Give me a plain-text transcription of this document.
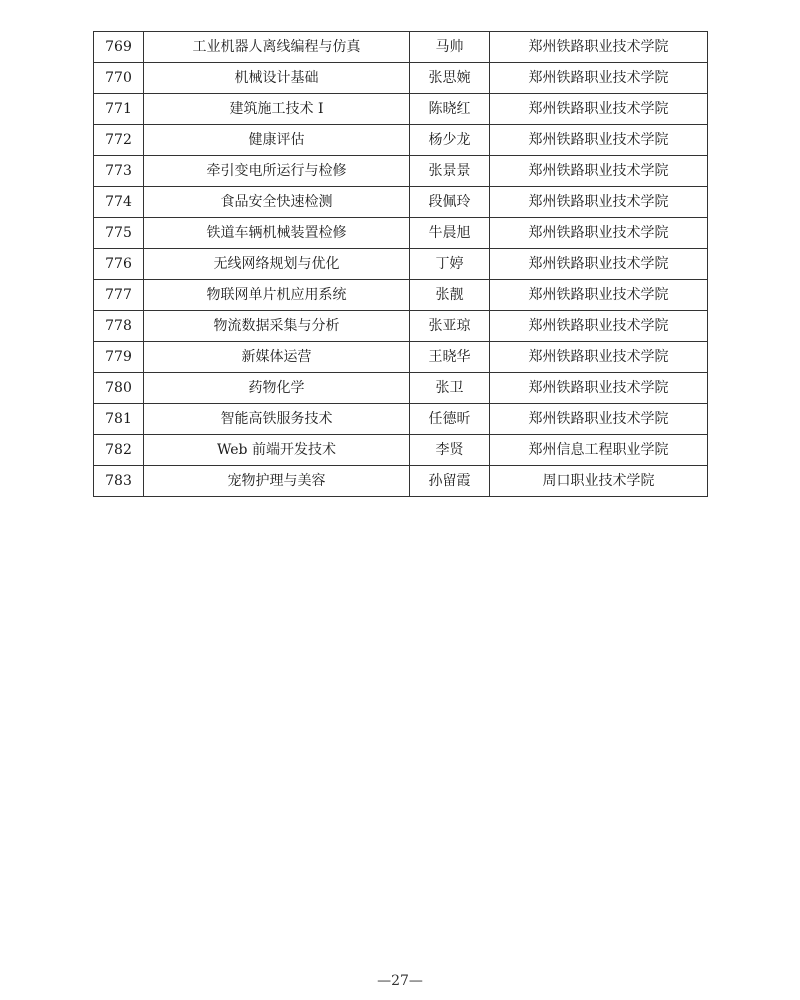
769	工业机器人离线编程与仿真	马帅	郑州铁路职业技术学院
770	机械设计基础	张思婉	郑州铁路职业技术学院
771	建筑施工技术 I	陈晓红	郑州铁路职业技术学院
772	健康评估	杨少龙	郑州铁路职业技术学院
773	牵引变电所运行与检修	张景景	郑州铁路职业技术学院
774	食品安全快速检测	段佩玲	郑州铁路职业技术学院
775	铁道车辆机械装置检修	牛晨旭	郑州铁路职业技术学院
776	无线网络规划与优化	丁婷	郑州铁路职业技术学院
777	物联网单片机应用系统	张靓	郑州铁路职业技术学院
778	物流数据采集与分析	张亚琼	郑州铁路职业技术学院
779	新媒体运营	王晓华	郑州铁路职业技术学院
780	药物化学	张卫	郑州铁路职业技术学院
781	智能高铁服务技术	任德昕	郑州铁路职业技术学院
782	Web 前端开发技术	李贤	郑州信息工程职业学院
783	宠物护理与美容	孙留霞	周口职业技术学院
—27—
